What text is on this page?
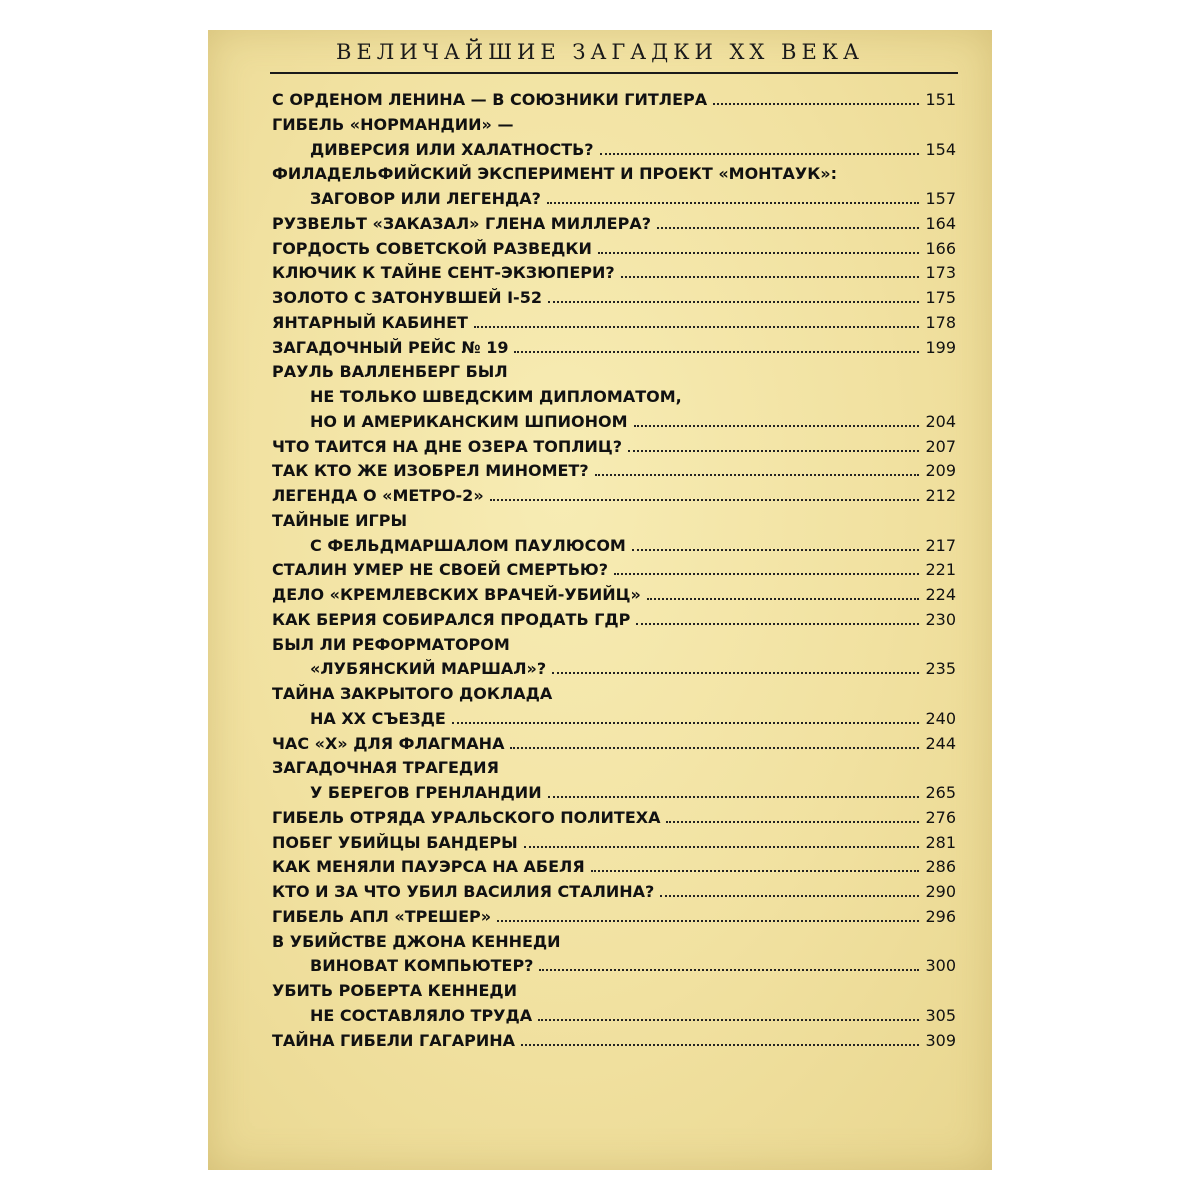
ВЕЛИЧАЙШИЕ ЗАГАДКИ XX ВЕКА
С ОРДЕНОМ ЛЕНИНА — В СОЮЗНИКИ ГИТЛЕРА	151
ГИБЕЛЬ «НОРМАНДИИ» —
ДИВЕРСИЯ ИЛИ ХАЛАТНОСТЬ?	154
ФИЛАДЕЛЬФИЙСКИЙ ЭКСПЕРИМЕНТ И ПРОЕКТ «МОНТАУК»:
ЗАГОВОР ИЛИ ЛЕГЕНДА?	157
РУЗВЕЛЬТ «ЗАКАЗАЛ» ГЛЕНА МИЛЛЕРА?	164
ГОРДОСТЬ СОВЕТСКОЙ РАЗВЕДКИ	166
КЛЮЧИК К ТАЙНЕ СЕНТ-ЭКЗЮПЕРИ?	173
ЗОЛОТО С ЗАТОНУВШЕЙ I-52	175
ЯНТАРНЫЙ КАБИНЕТ	178
ЗАГАДОЧНЫЙ РЕЙС № 19	199
РАУЛЬ ВАЛЛЕНБЕРГ БЫЛ
НЕ ТОЛЬКО ШВЕДСКИМ ДИПЛОМАТОМ,
НО И АМЕРИКАНСКИМ ШПИОНОМ	204
ЧТО ТАИТСЯ НА ДНЕ ОЗЕРА ТОПЛИЦ?	207
ТАК КТО ЖЕ ИЗОБРЕЛ МИНОМЕТ?	209
ЛЕГЕНДА О «МЕТРО-2»	212
ТАЙНЫЕ ИГРЫ
С ФЕЛЬДМАРШАЛОМ ПАУЛЮСОМ	217
СТАЛИН УМЕР НЕ СВОЕЙ СМЕРТЬЮ?	221
ДЕЛО «КРЕМЛЕВСКИХ ВРАЧЕЙ-УБИЙЦ»	224
КАК БЕРИЯ СОБИРАЛСЯ ПРОДАТЬ ГДР	230
БЫЛ ЛИ РЕФОРМАТОРОМ
«ЛУБЯНСКИЙ МАРШАЛ»?	235
ТАЙНА ЗАКРЫТОГО ДОКЛАДА
НА XX СЪЕЗДЕ	240
ЧАС «Х» ДЛЯ ФЛАГМАНА	244
ЗАГАДОЧНАЯ ТРАГЕДИЯ
У БЕРЕГОВ ГРЕНЛАНДИИ	265
ГИБЕЛЬ ОТРЯДА УРАЛЬСКОГО ПОЛИТЕХА	276
ПОБЕГ УБИЙЦЫ БАНДЕРЫ	281
КАК МЕНЯЛИ ПАУЭРСА НА АБЕЛЯ	286
КТО И ЗА ЧТО УБИЛ ВАСИЛИЯ СТАЛИНА?	290
ГИБЕЛЬ АПЛ «ТРЕШЕР»	296
В УБИЙСТВЕ ДЖОНА КЕННЕДИ
ВИНОВАТ КОМПЬЮТЕР?	300
УБИТЬ РОБЕРТА КЕННЕДИ
НЕ СОСТАВЛЯЛО ТРУДА	305
ТАЙНА ГИБЕЛИ ГАГАРИНА	309
